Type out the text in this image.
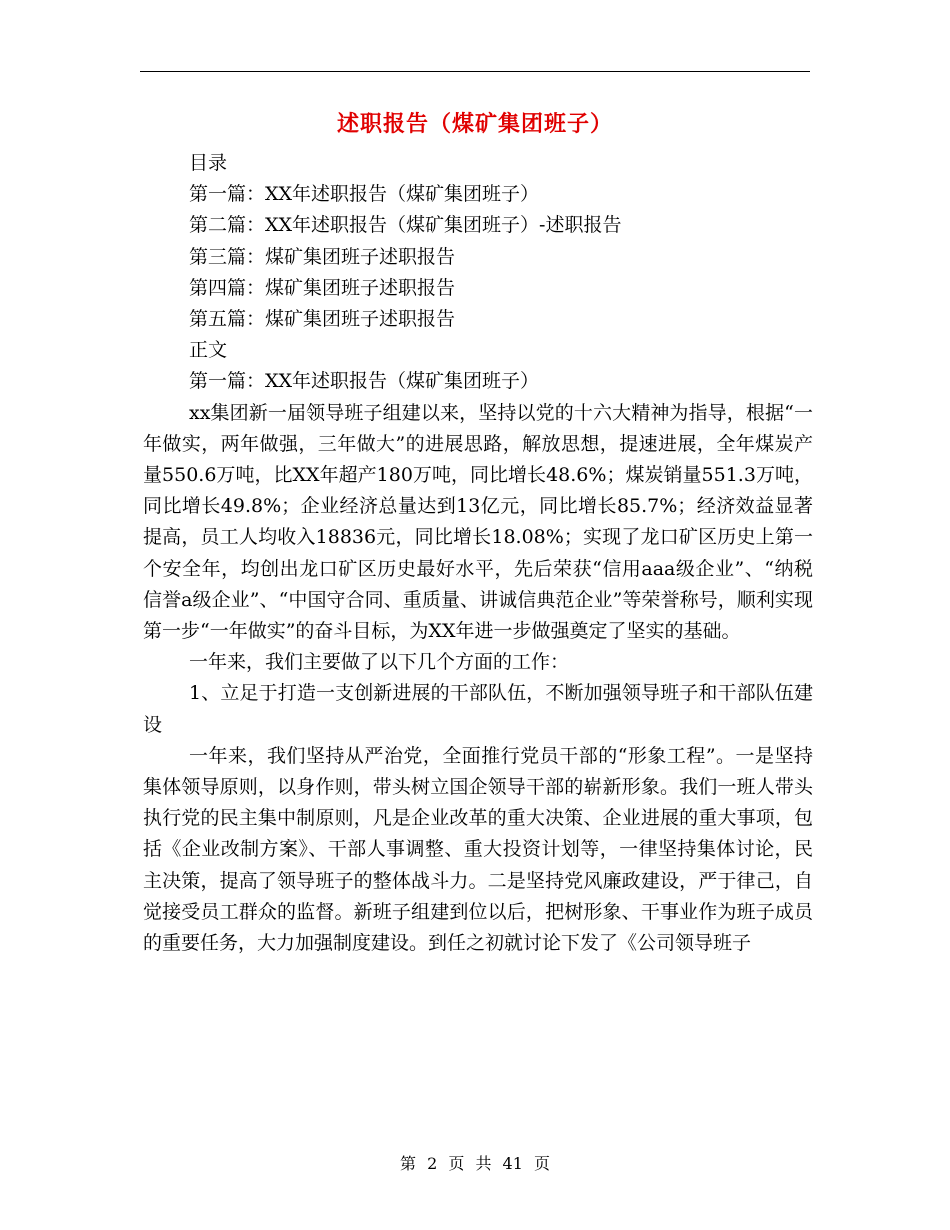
述职报告（煤矿集团班子）
目录
第一篇：XX年述职报告（煤矿集团班子）
第二篇：XX年述职报告（煤矿集团班子）-述职报告
第三篇：煤矿集团班子述职报告
第四篇：煤矿集团班子述职报告
第五篇：煤矿集团班子述职报告
正文
第一篇：XX年述职报告（煤矿集团班子）

xx集团新一届领导班子组建以来，坚持以党的十六大精神为指导，根据“一年做实，两年做强，三年做大”的进展思路，解放思想，提速进展，全年煤炭产量550.6万吨，比XX年超产180万吨，同比增长48.6%；煤炭销量551.3万吨，同比增长49.8%；企业经济总量达到13亿元，同比增长85.7%；经济效益显著提高，员工人均收入18836元，同比增长18.08%；实现了龙口矿区历史上第一个安全年，均创出龙口矿区历史最好水平，先后荣获“信用aaa级企业”、“纳税信誉a级企业”、“中国守合同、重质量、讲诚信典范企业”等荣誉称号，顺利实现第一步“一年做实”的奋斗目标，为XX年进一步做强奠定了坚实的基础。

一年来，我们主要做了以下几个方面的工作：

1、立足于打造一支创新进展的干部队伍，不断加强领导班子和干部队伍建设

一年来，我们坚持从严治党，全面推行党员干部的“形象工程”。一是坚持集体领导原则，以身作则，带头树立国企领导干部的崭新形象。我们一班人带头执行党的民主集中制原则，凡是企业改革的重大决策、企业进展的重大事项，包括《企业改制方案》、干部人事调整、重大投资计划等，一律坚持集体讨论，民主决策，提高了领导班子的整体战斗力。二是坚持党风廉政建设，严于律己，自觉接受员工群众的监督。新班子组建到位以后，把树形象、干事业作为班子成员的重要任务，大力加强制度建设。到任之初就讨论下发了《公司领导班子

第 2 页 共 41 页
